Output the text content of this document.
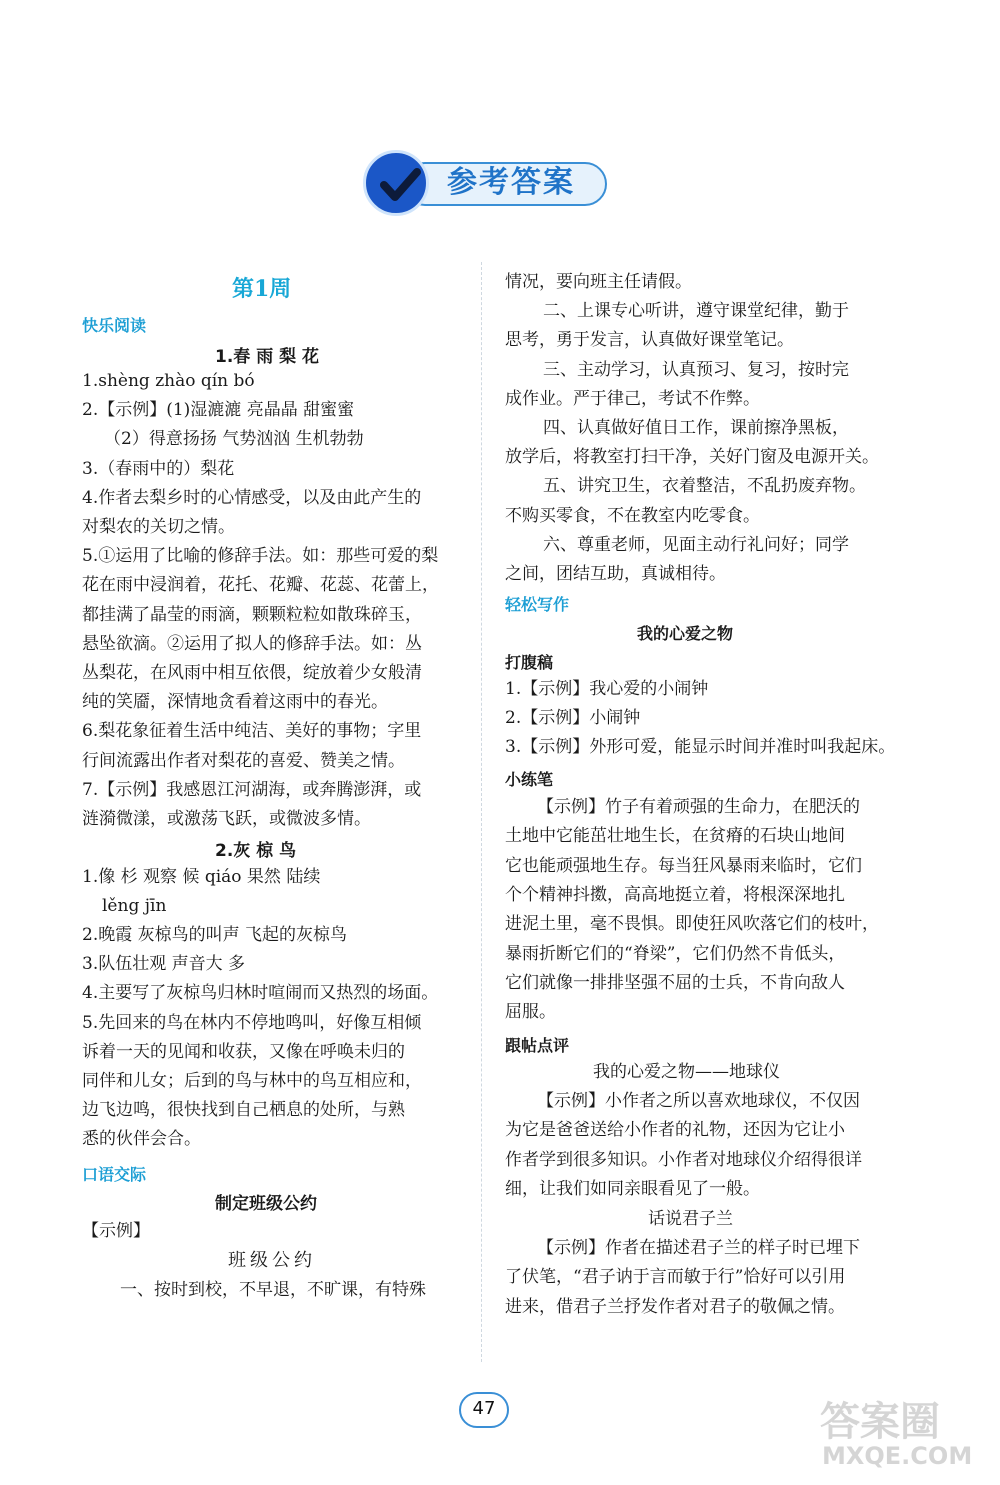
参考答案
第1周
快乐阅读
1.春 雨 梨 花
1.shèng zhào qín bó
2.【示例】(1)湿漉漉 亮晶晶 甜蜜蜜
（2）得意扬扬 气势汹汹 生机勃勃
3.（春雨中的）梨花
4.作者去梨乡时的心情感受，以及由此产生的
对梨农的关切之情。
5.①运用了比喻的修辞手法。如：那些可爱的梨
花在雨中浸润着，花托、花瓣、花蕊、花蕾上，
都挂满了晶莹的雨滴，颗颗粒粒如散珠碎玉，
悬坠欲滴。②运用了拟人的修辞手法。如：丛
丛梨花，在风雨中相互依偎，绽放着少女般清
纯的笑靥，深情地贪看着这雨中的春光。
6.梨花象征着生活中纯洁、美好的事物；字里
行间流露出作者对梨花的喜爱、赞美之情。
7.【示例】我感恩江河湖海，或奔腾澎湃，或
涟漪微漾，或激荡飞跃，或微波多情。
2.灰 椋 鸟
1.像 杉 观察 候 qiáo 果然 陆续
lěng jīn
2.晚霞 灰椋鸟的叫声 飞起的灰椋鸟
3.队伍壮观 声音大 多
4.主要写了灰椋鸟归林时喧闹而又热烈的场面。
5.先回来的鸟在林内不停地鸣叫，好像互相倾
诉着一天的见闻和收获，又像在呼唤未归的
同伴和儿女；后到的鸟与林中的鸟互相应和，
边飞边鸣，很快找到自己栖息的处所，与熟
悉的伙伴会合。
口语交际
制定班级公约
【示例】
班级公约
一、按时到校，不早退，不旷课，有特殊
情况，要向班主任请假。
二、上课专心听讲，遵守课堂纪律，勤于
思考，勇于发言，认真做好课堂笔记。
三、主动学习，认真预习、复习，按时完
成作业。严于律己，考试不作弊。
四、认真做好值日工作，课前擦净黑板，
放学后，将教室打扫干净，关好门窗及电源开关。
五、讲究卫生，衣着整洁，不乱扔废弃物。
不购买零食，不在教室内吃零食。
六、尊重老师，见面主动行礼问好；同学
之间，团结互助，真诚相待。
轻松写作
我的心爱之物
打腹稿
1.【示例】我心爱的小闹钟
2.【示例】小闹钟
3.【示例】外形可爱，能显示时间并准时叫我起床。
小练笔
【示例】竹子有着顽强的生命力，在肥沃的
土地中它能茁壮地生长，在贫瘠的石块山地间
它也能顽强地生存。每当狂风暴雨来临时，它们
个个精神抖擞，高高地挺立着，将根深深地扎
进泥土里，毫不畏惧。即使狂风吹落它们的枝叶，
暴雨折断它们的“脊梁”，它们仍然不肯低头，
它们就像一排排坚强不屈的士兵，不肯向敌人
屈服。
跟帖点评
我的心爱之物——地球仪
【示例】小作者之所以喜欢地球仪，不仅因
为它是爸爸送给小作者的礼物，还因为它让小
作者学到很多知识。小作者对地球仪介绍得很详
细，让我们如同亲眼看见了一般。
话说君子兰
【示例】作者在描述君子兰的样子时已埋下
了伏笔，“君子讷于言而敏于行”恰好可以引用
进来，借君子兰抒发作者对君子的敬佩之情。
47	答案圈
MXQE.COM
